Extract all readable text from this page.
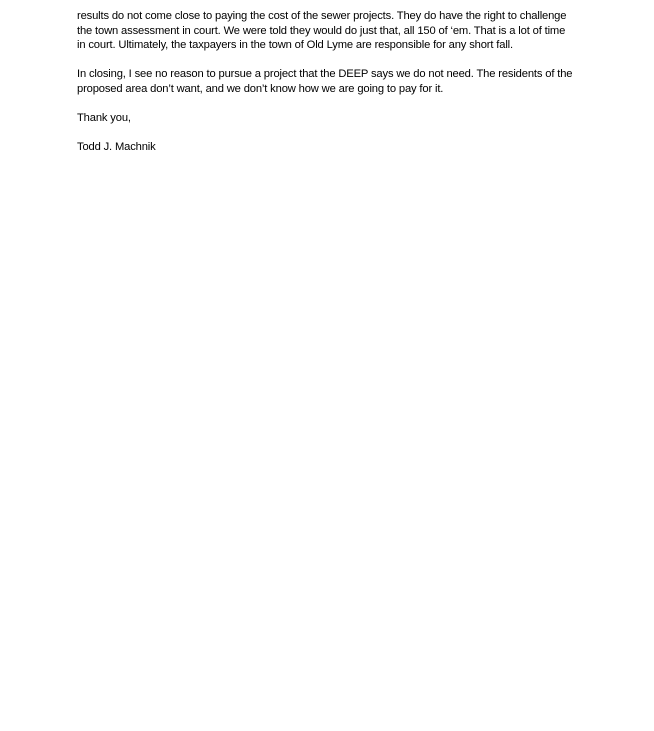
results do not come close to paying the cost of the sewer projects. They do have the right to challenge
the town assessment in court. We were told they would do just that, all 150 of ‘em. That is a lot of time
in court. Ultimately, the taxpayers in the town of Old Lyme are responsible for any short fall.

In closing, I see no reason to pursue a project that the DEEP says we do not need. The residents of the
proposed area don’t want, and we don’t know how we are going to pay for it.

Thank you,

Todd J. Machnik
